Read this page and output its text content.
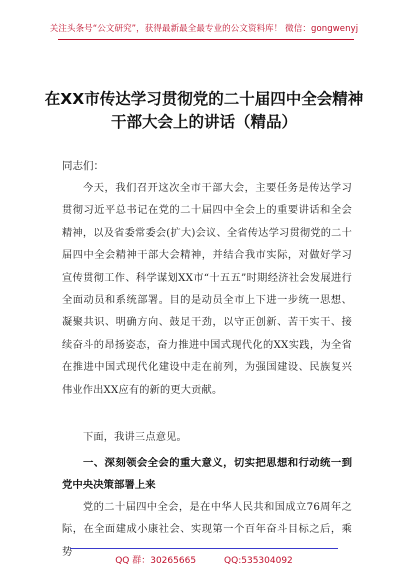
关注头条号“公文研究”，获得最新最全最专业的公文资料库！ 微信：gongwenyj
在XX市传达学习贯彻党的二十届四中全会精神干部大会上的讲话（精品）
同志们：
今天，我们召开这次全市干部大会，主要任务是传达学习贯彻习近平总书记在党的二十届四中全会上的重要讲话和全会精神，以及省委常委会(扩大)会议、全省传达学习贯彻党的二十届四中全会精神干部大会精神，并结合我市实际，对做好学习宣传贯彻工作、科学谋划XX市“十五五”时期经济社会发展进行全面动员和系统部署。目的是动员全市上下进一步统一思想、凝聚共识、明确方向、鼓足干劲，以守正创新、苦干实干、接续奋斗的昂扬姿态，奋力推进中国式现代化的XX实践，为全省在推进中国式现代化建设中走在前列，为强国建设、民族复兴伟业作出XX应有的新的更大贡献。
下面，我讲三点意见。
一、深刻领会全会的重大意义，切实把思想和行动统一到党中央决策部署上来
党的二十届四中全会，是在中华人民共和国成立76周年之际，在全面建成小康社会、实现第一个百年奋斗目标之后，乘势
QQ 群：30265665	QQ:535304092
